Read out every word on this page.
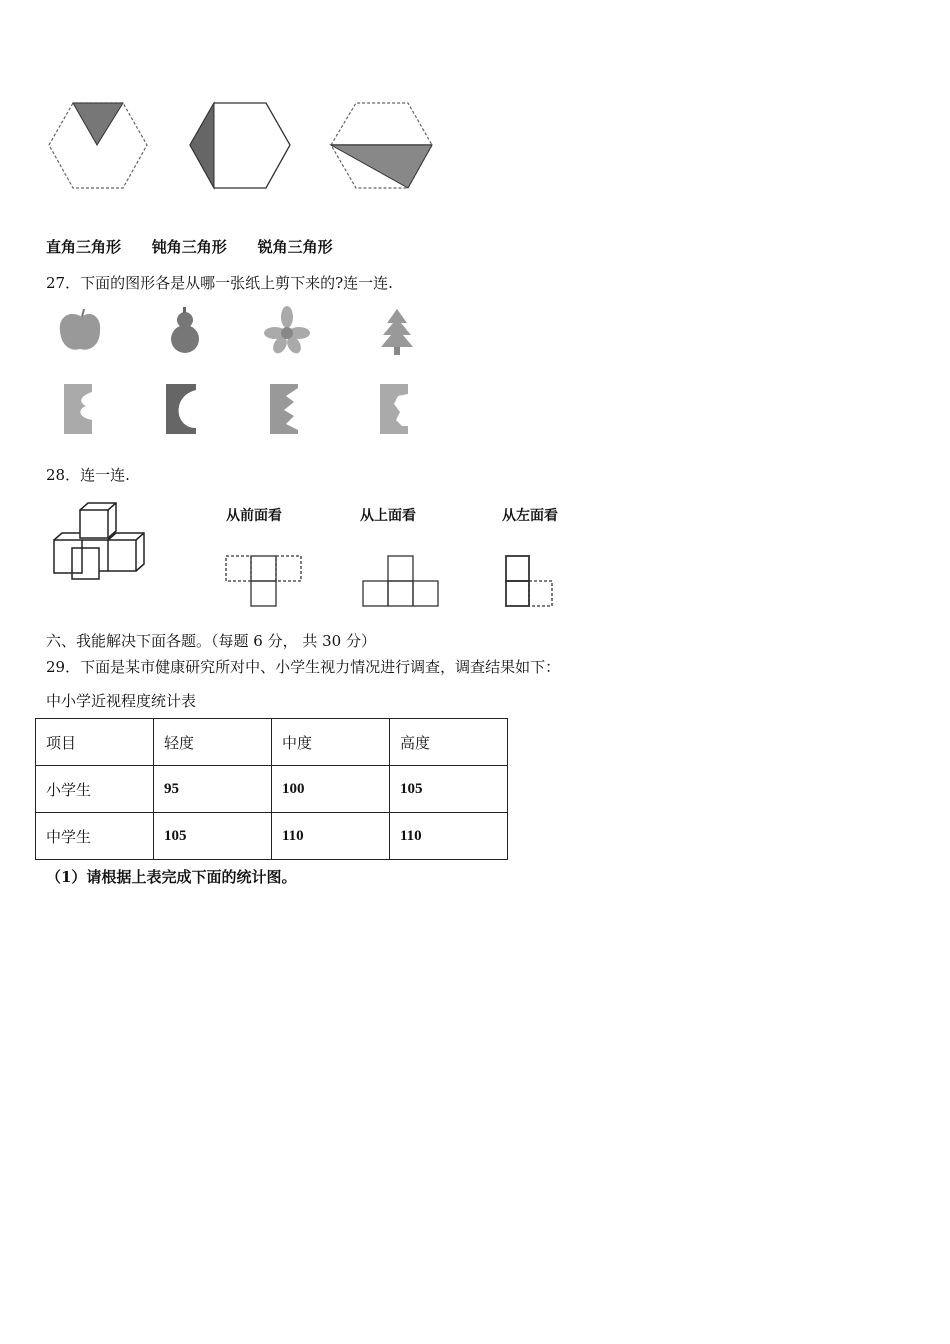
直角三角形 钝角三角形 锐角三角形
27．下面的图形各是从哪一张纸上剪下来的?连一连.
28．连一连.
从前面看	从上面看	从左面看
六、我能解决下面各题。（每题 6 分， 共 30 分）
29．下面是某市健康研究所对中、小学生视力情况进行调查，调查结果如下：
中小学近视程度统计表
项目	轻度	中度	高度
小学生	95	100	105
中学生	105	110	110
（1）请根据上表完成下面的统计图。
